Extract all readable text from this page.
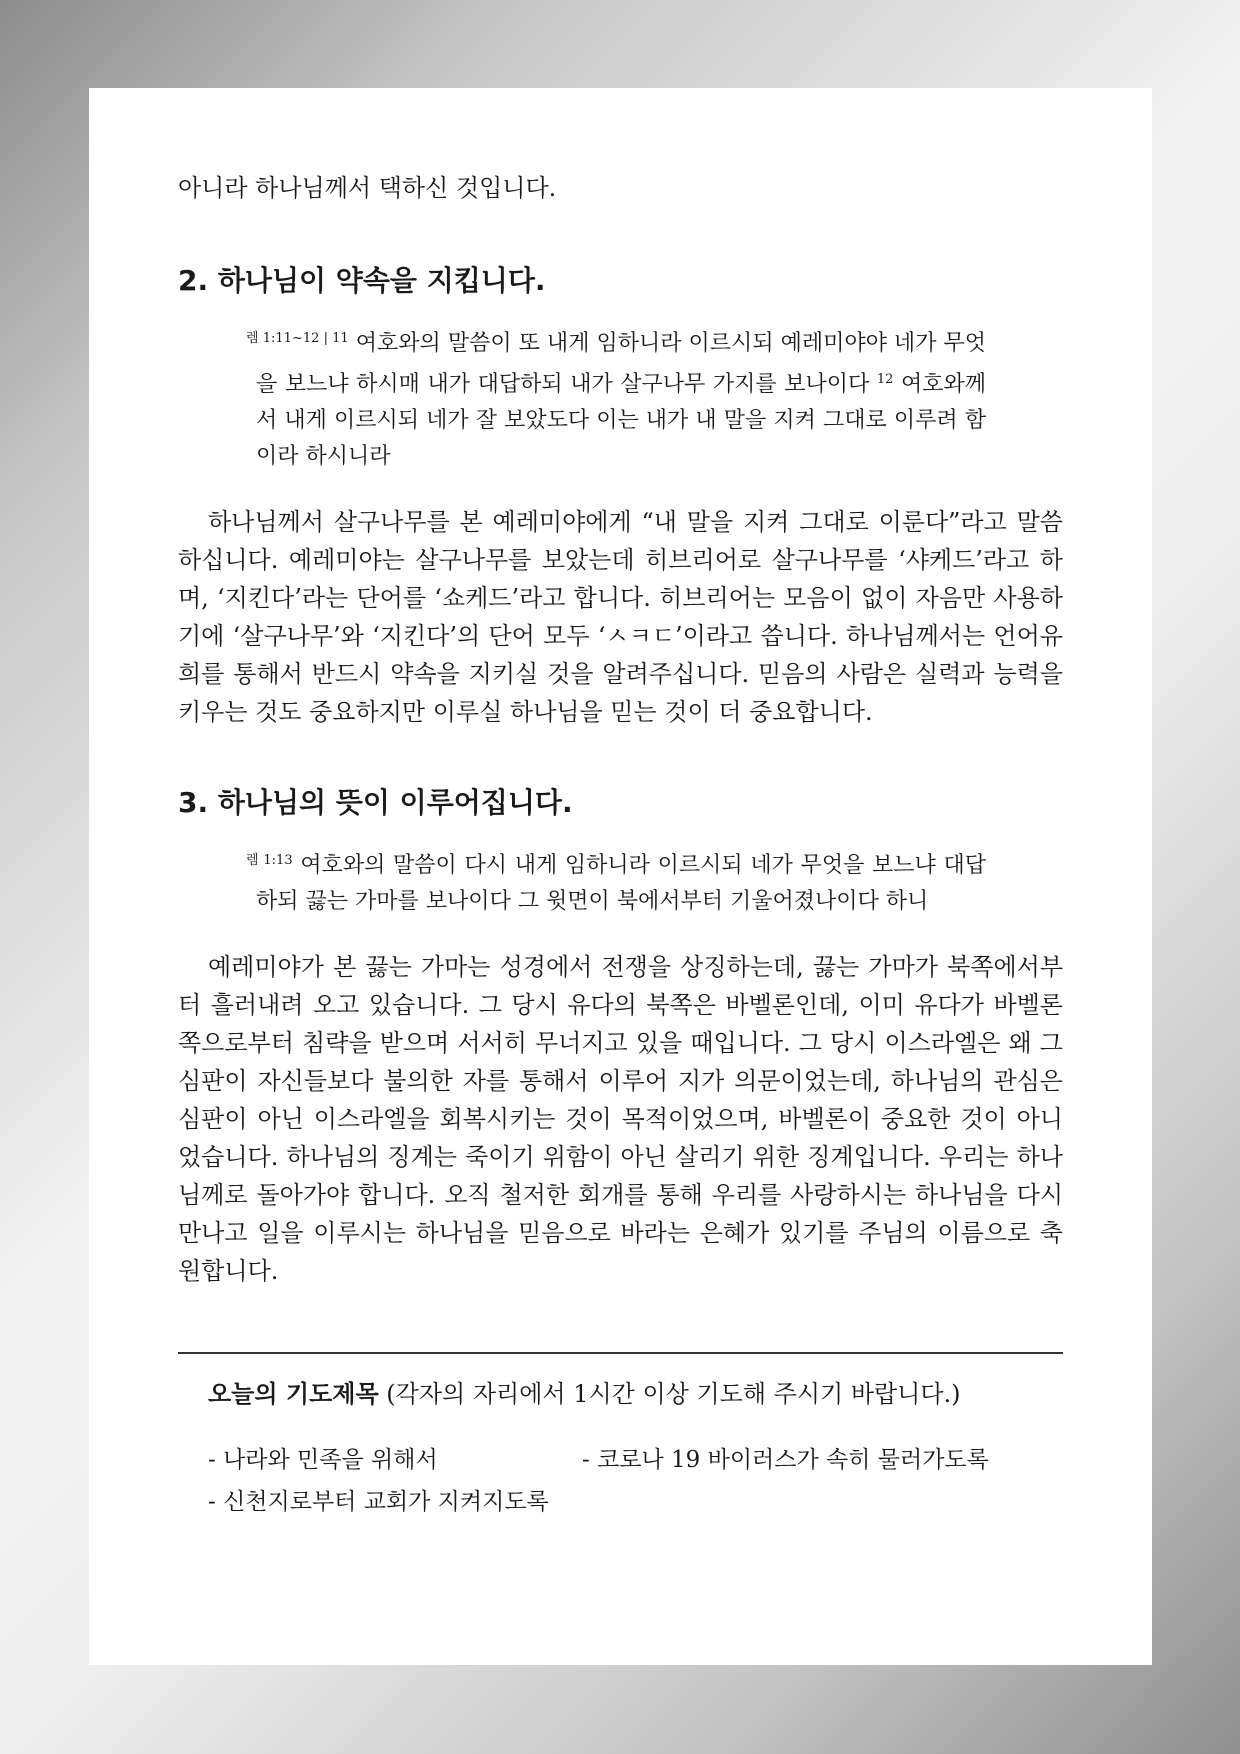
아니라 하나님께서 택하신 것입니다.

2. 하나님이 약속을 지킵니다.

$^{렘 1:11\sim 12 | 11}$ 여호와의 말씀이 또 내게 임하니라 이르시되 예레미야야 네가 무엇을 보느냐 하시매 내가 대답하되 내가 살구나무 가지를 보나이다 $^{12}$ 여호와께서 내게 이르시되 네가 잘 보았도다 이는 내가 내 말을 지켜 그대로 이루려 함이라 하시니라

하나님께서 살구나무를 본 예레미야에게 “내 말을 지켜 그대로 이룬다”라고 말씀하십니다. 예레미야는 살구나무를 보았는데 히브리어로 살구나무를 ‘샤케드’라고 하며, ‘지킨다’라는 단어를 ‘쇼케드’라고 합니다. 히브리어는 모음이 없이 자음만 사용하기에 ‘살구나무’와 ‘지킨다’의 단어 모두 ‘ㅅㅋㄷ’이라고 씁니다. 하나님께서는 언어유희를 통해서 반드시 약속을 지키실 것을 알려주십니다. 믿음의 사람은 실력과 능력을 키우는 것도 중요하지만 이루실 하나님을 믿는 것이 더 중요합니다.

3. 하나님의 뜻이 이루어집니다.

$^{렘 1:13}$ 여호와의 말씀이 다시 내게 임하니라 이르시되 네가 무엇을 보느냐 대답하되 끓는 가마를 보나이다 그 윗면이 북에서부터 기울어졌나이다 하니

예레미야가 본 끓는 가마는 성경에서 전쟁을 상징하는데, 끓는 가마가 북쪽에서부터 흘러내려 오고 있습니다. 그 당시 유다의 북쪽은 바벨론인데, 이미 유다가 바벨론 쪽으로부터 침략을 받으며 서서히 무너지고 있을 때입니다. 그 당시 이스라엘은 왜 그 심판이 자신들보다 불의한 자를 통해서 이루어 지가 의문이었는데, 하나님의 관심은 심판이 아닌 이스라엘을 회복시키는 것이 목적이었으며, 바벨론이 중요한 것이 아니었습니다. 하나님의 징계는 죽이기 위함이 아닌 살리기 위한 징계입니다. 우리는 하나님께로 돌아가야 합니다. 오직 철저한 회개를 통해 우리를 사랑하시는 하나님을 다시 만나고 일을 이루시는 하나님을 믿음으로 바라는 은혜가 있기를 주님의 이름으로 축원합니다.

오늘의 기도제목 (각자의 자리에서 1시간 이상 기도해 주시기 바랍니다.)

- 나라와 민족을 위해서	- 코로나 19 바이러스가 속히 물러가도록
- 신천지로부터 교회가 지켜지도록
